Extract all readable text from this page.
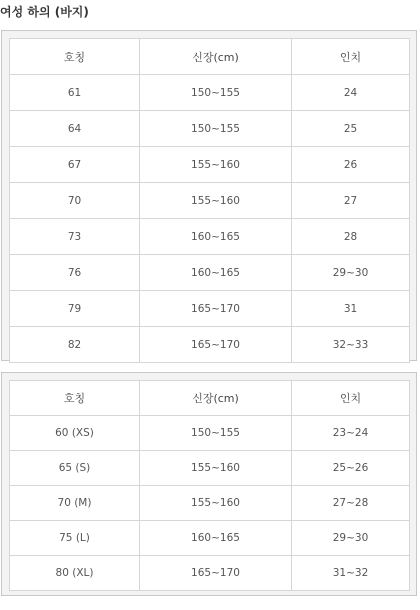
여성 하의 (바지)
호칭	신장(cm)	인치
61	150~155	24
64	150~155	25
67	155~160	26
70	155~160	27
73	160~165	28
76	160~165	29~30
79	165~170	31
82	165~170	32~33
호칭	신장(cm)	인치
60 (XS)	150~155	23~24
65 (S)	155~160	25~26
70 (M)	155~160	27~28
75 (L)	160~165	29~30
80 (XL)	165~170	31~32
